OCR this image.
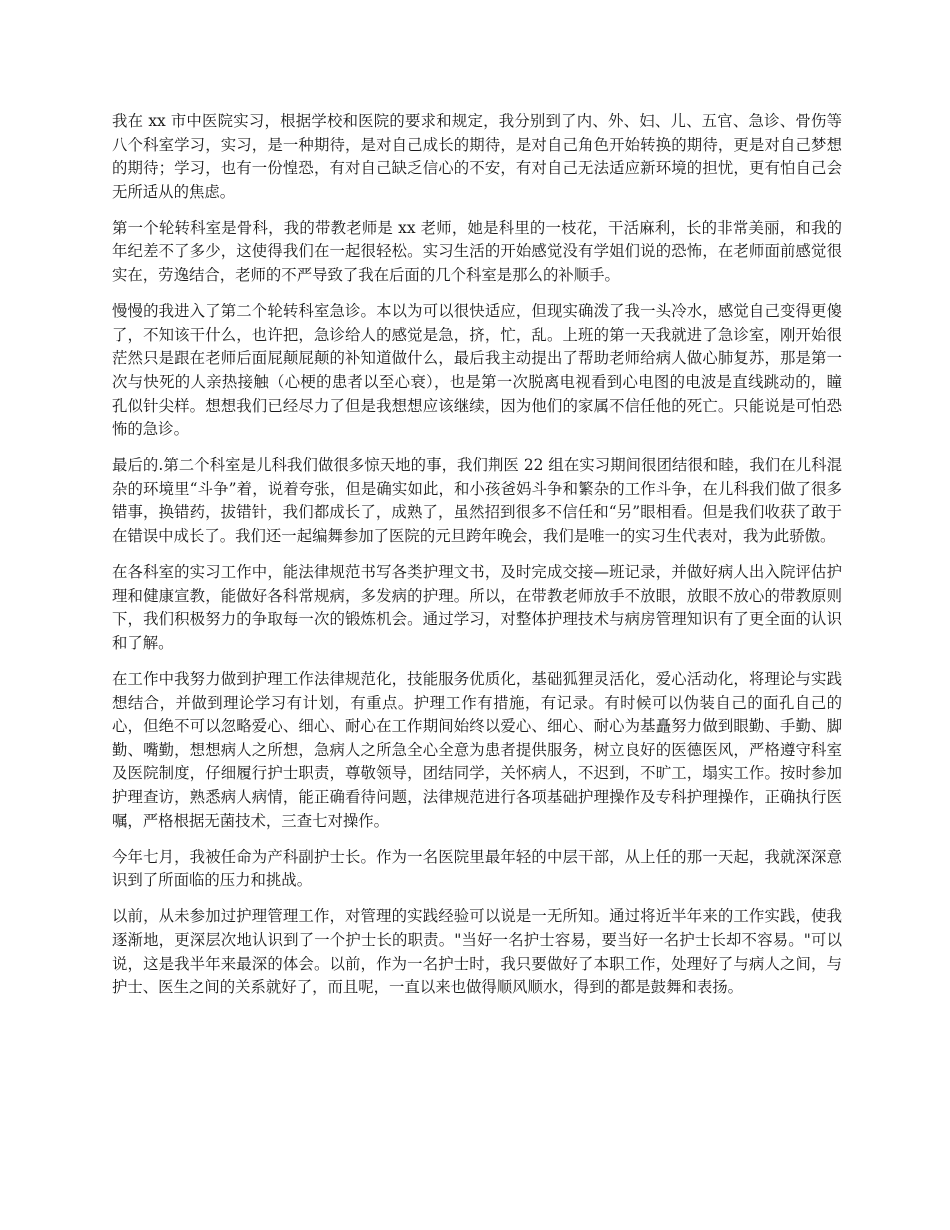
我在 xx 市中医院实习，根据学校和医院的要求和规定，我分别到了内、外、妇、儿、五官、急诊、骨伤等八个科室学习，实习，是一种期待，是对自己成长的期待，是对自己角色开始转换的期待，更是对自己梦想的期待；学习，也有一份惶恐，有对自己缺乏信心的不安，有对自己无法适应新环境的担忧，更有怕自己会无所适从的焦虑。

第一个轮转科室是骨科，我的带教老师是 xx 老师，她是科里的一枝花，干活麻利，长的非常美丽，和我的年纪差不了多少，这使得我们在一起很轻松。实习生活的开始感觉没有学姐们说的恐怖，在老师面前感觉很实在，劳逸结合，老师的不严导致了我在后面的几个科室是那么的补顺手。

慢慢的我进入了第二个轮转科室急诊。本以为可以很快适应，但现实确泼了我一头冷水，感觉自己变得更傻了，不知该干什么，也许把，急诊给人的感觉是急，挤，忙，乱。上班的第一天我就进了急诊室，刚开始很茫然只是跟在老师后面屁颠屁颠的补知道做什么，最后我主动提出了帮助老师给病人做心肺复苏，那是第一次与快死的人亲热接触（心梗的患者以至心衰），也是第一次脱离电视看到心电图的电波是直线跳动的，瞳孔似针尖样。想想我们已经尽力了但是我想想应该继续，因为他们的家属不信任他的死亡。只能说是可怕恐怖的急诊。

最后的.第二个科室是儿科我们做很多惊天地的事，我们荆医 22 组在实习期间很团结很和睦，我们在儿科混杂的环境里“斗争”着，说着夸张，但是确实如此，和小孩爸妈斗争和繁杂的工作斗争，在儿科我们做了很多错事，换错药，拔错针，我们都成长了，成熟了，虽然招到很多不信任和“另”眼相看。但是我们收获了敢于在错误中成长了。我们还一起编舞参加了医院的元旦跨年晚会，我们是唯一的实习生代表对，我为此骄傲。

在各科室的实习工作中，能法律规范书写各类护理文书，及时完成交接—班记录，并做好病人出入院评估护理和健康宣教，能做好各科常规病，多发病的护理。所以，在带教老师放手不放眼，放眼不放心的带教原则下，我们积极努力的争取每一次的锻炼机会。通过学习，对整体护理技术与病房管理知识有了更全面的认识和了解。

在工作中我努力做到护理工作法律规范化，技能服务优质化，基础狐狸灵活化，爱心活动化，将理论与实践想结合，并做到理论学习有计划，有重点。护理工作有措施，有记录。有时候可以伪装自己的面孔自己的心，但绝不可以忽略爱心、细心、耐心在工作期间始终以爱心、细心、耐心为基矗努力做到眼勤、手勤、脚勤、嘴勤，想想病人之所想，急病人之所急全心全意为患者提供服务，树立良好的医德医风，严格遵守科室及医院制度，仔细履行护士职责，尊敬领导，团结同学，关怀病人，不迟到，不旷工，塌实工作。按时参加护理查访，熟悉病人病情，能正确看待问题，法律规范进行各项基础护理操作及专科护理操作，正确执行医嘱，严格根据无菌技术，三查七对操作。

今年七月，我被任命为产科副护士长。作为一名医院里最年轻的中层干部，从上任的那一天起，我就深深意识到了所面临的压力和挑战。

以前，从未参加过护理管理工作，对管理的实践经验可以说是一无所知。通过将近半年来的工作实践，使我逐渐地，更深层次地认识到了一个护士长的职责。"当好一名护士容易，要当好一名护士长却不容易。"可以说，这是我半年来最深的体会。以前，作为一名护士时，我只要做好了本职工作，处理好了与病人之间，与护士、医生之间的关系就好了，而且呢，一直以来也做得顺风顺水，得到的都是鼓舞和表扬。
